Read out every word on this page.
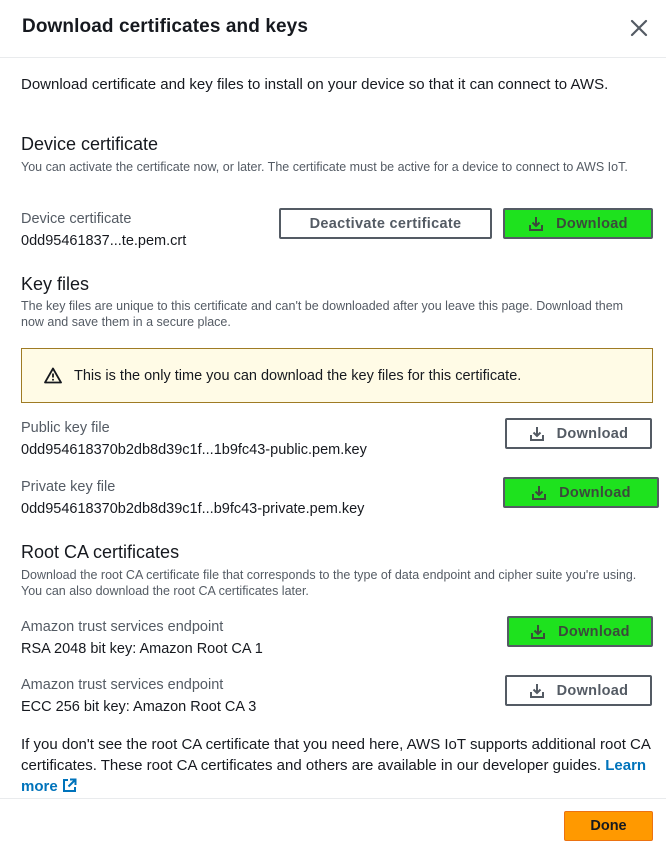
Download certificates and keys
Download certificate and key files to install on your device so that it can connect to AWS.
Device certificate
You can activate the certificate now, or later. The certificate must be active for a device to connect to AWS IoT.
Device certificate
0dd95461837...te.pem.crt
Deactivate certificate	Download
Key files
The key files are unique to this certificate and can't be downloaded after you leave this page. Download them now and save them in a secure place.
This is the only time you can download the key files for this certificate.
Public key file
0dd954618370b2db8d39c1f...1b9fc43-public.pem.key
Download
Private key file
0dd954618370b2db8d39c1f...b9fc43-private.pem.key
Download
Root CA certificates
Download the root CA certificate file that corresponds to the type of data endpoint and cipher suite you're using. You can also download the root CA certificates later.
Amazon trust services endpoint
RSA 2048 bit key: Amazon Root CA 1
Download
Amazon trust services endpoint
ECC 256 bit key: Amazon Root CA 3
Download
If you don't see the root CA certificate that you need here, AWS IoT supports additional root CA certificates. These root CA certificates and others are available in our developer guides. Learn more
Done
